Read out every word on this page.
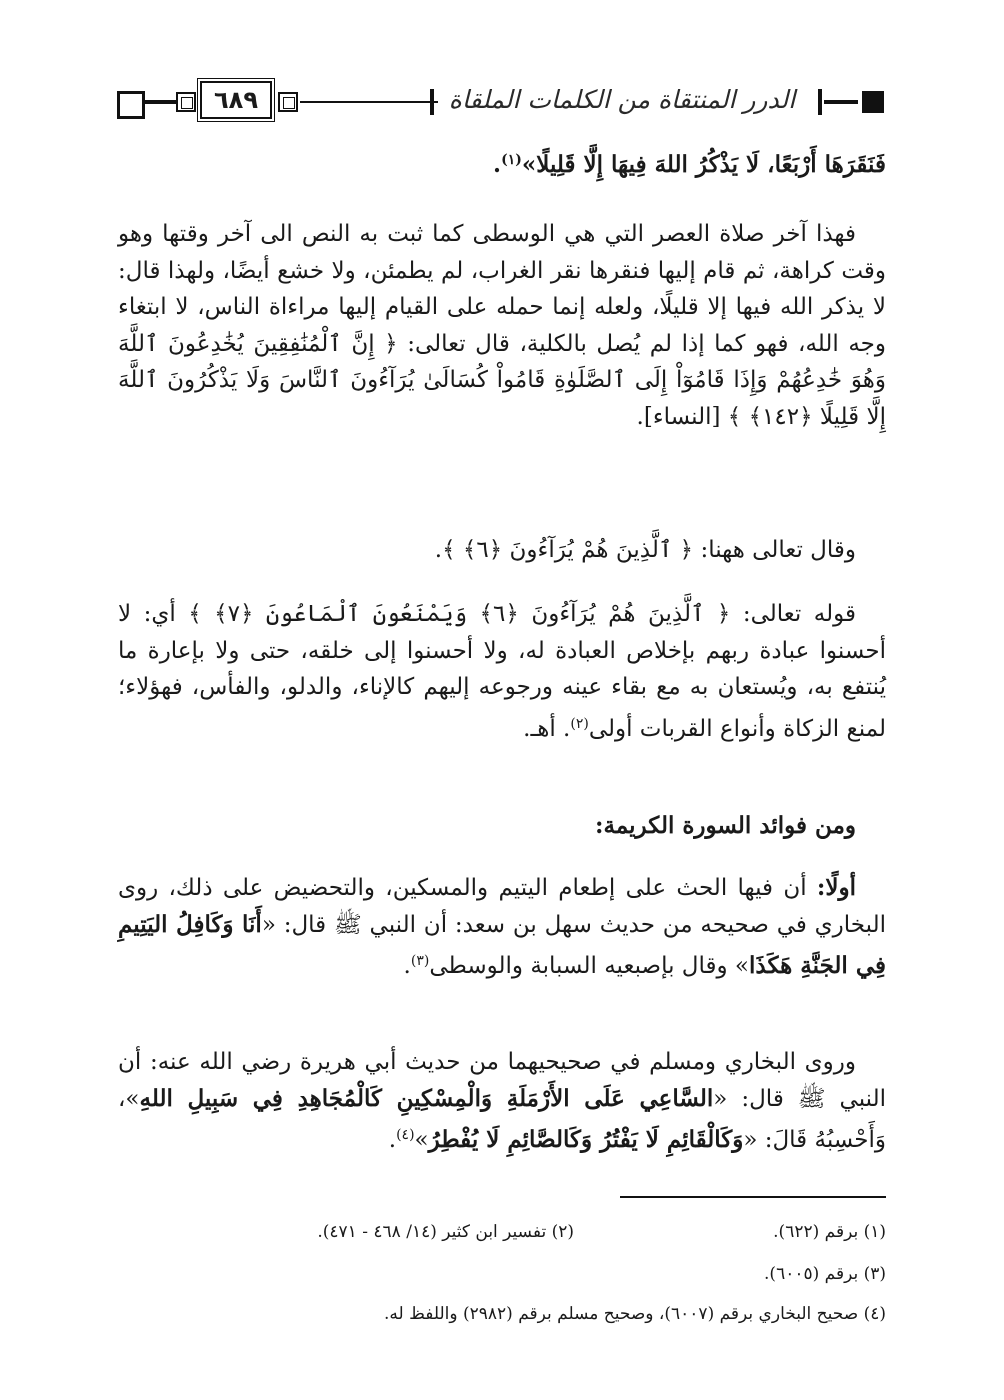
٦٨٩	الدرر المنتقاة من الكلمات الملقاة

فَنَقَرَهَا أَرْبَعًا، لَا يَذْكُرُ اللهَ فِيهَا إِلَّا قَلِيلًا»$^{(١)}$.

فهذا آخر صلاة العصر التي هي الوسطى كما ثبت به النص الى آخر وقتها وهو وقت كراهة، ثم قام إليها فنقرها نقر الغراب، لم يطمئن، ولا خشع أيضًا، ولهذا قال: لا يذكر الله فيها إلا قليلًا، ولعله إنما حمله على القيام إليها مراءاة الناس، لا ابتغاء وجه الله، فهو كما إذا لم يُصل بالكلية، قال تعالى: ﴿ إِنَّ ٱلْمُنَٰفِقِينَ يُخَٰدِعُونَ ٱللَّهَ وَهُوَ خَٰدِعُهُمْ وَإِذَا قَامُوٓاْ إِلَى ٱلصَّلَوٰةِ قَامُواْ كُسَالَىٰ يُرَآءُونَ ٱلنَّاسَ وَلَا يَذْكُرُونَ ٱللَّهَ إِلَّا قَلِيلًا ﴿١٤٢﴾ ﴾ [النساء].

وقال تعالى ههنا: ﴿ ٱلَّذِينَ هُمْ يُرَآءُونَ ﴿٦﴾ ﴾.

قوله تعالى: ﴿ ٱلَّذِينَ هُمْ يُرَآءُونَ ﴿٦﴾ وَيَمْنَعُونَ ٱلْمَاعُونَ ﴿٧﴾ ﴾ أي: لا أحسنوا عبادة ربهم بإخلاص العبادة له، ولا أحسنوا إلى خلقه، حتى ولا بإعارة ما يُنتفع به، ويُستعان به مع بقاء عينه ورجوعه إليهم كالإناء، والدلو، والفأس، فهؤلاء؛ لمنع الزكاة وأنواع القربات أولى$^{(٢)}$. أهـ.

ومن فوائد السورة الكريمة:

أولًا: أن فيها الحث على إطعام اليتيم والمسكين، والتحضيض على ذلك، روى البخاري في صحيحه من حديث سهل بن سعد: أن النبي ﷺ قال: «أَنَا وَكَافِلُ اليَتِيمِ فِي الجَنَّةِ هَكَذَا» وقال بإصبعيه السبابة والوسطى$^{(٣)}$.

وروى البخاري ومسلم في صحيحيهما من حديث أبي هريرة رضي الله عنه: أن النبي ﷺ قال: «السَّاعِي عَلَى الأَرْمَلَةِ وَالْمِسْكِينِ كَالْمُجَاهِدِ فِي سَبِيلِ اللهِ»، وَأَحْسِبُهُ قَالَ: «وَكَالْقَائِمِ لَا يَفْتُرُ وَكَالصَّائِمِ لَا يُفْطِرُ»$^{(٤)}$.

(١) برقم (٦٢٢).
(٢) تفسير ابن كثير (١٤/ ٤٦٨ - ٤٧١).
(٣) برقم (٦٠٠٥).
(٤) صحيح البخاري برقم (٦٠٠٧)، وصحيح مسلم برقم (٢٩٨٢) واللفظ له.
